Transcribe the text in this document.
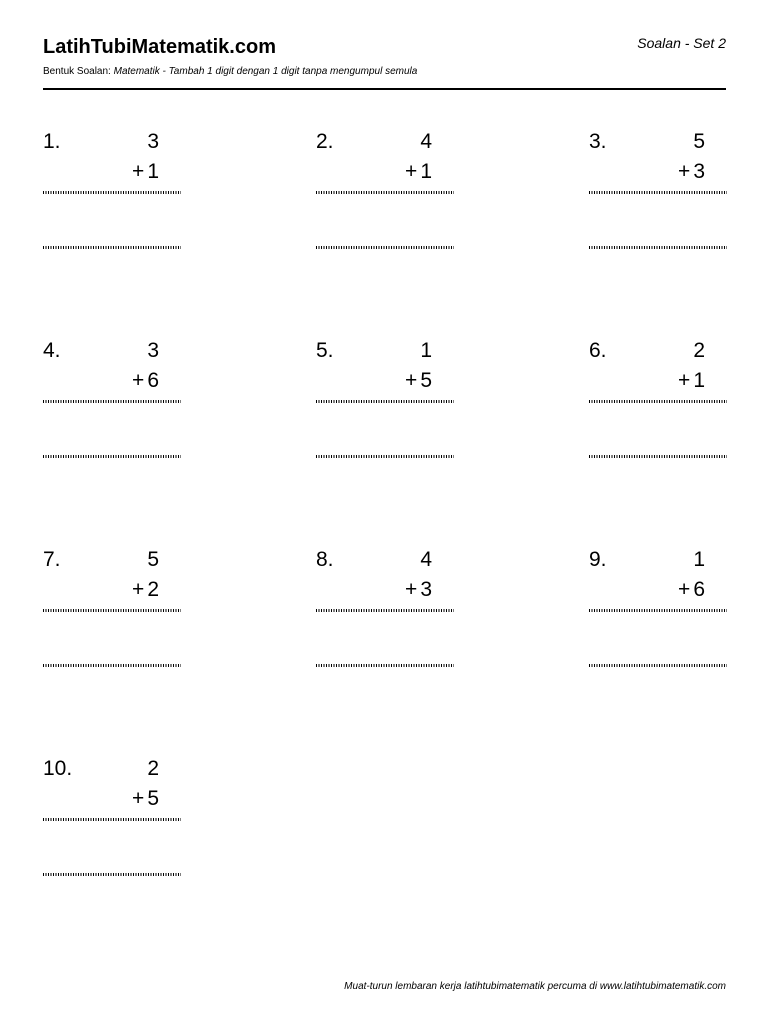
LatihTubiMatematik.com	Soalan - Set 2
Bentuk Soalan: Matematik - Tambah 1 digit dengan 1 digit tanpa mengumpul semula
1.	3
+ 1
2.	4
+ 1
3.	5
+ 3
4.	3
+ 6
5.	1
+ 5
6.	2
+ 1
7.	5
+ 2
8.	4
+ 3
9.	1
+ 6
10.	2
+ 5
Muat-turun lembaran kerja latihtubimatematik percuma di www.latihtubimatematik.com
